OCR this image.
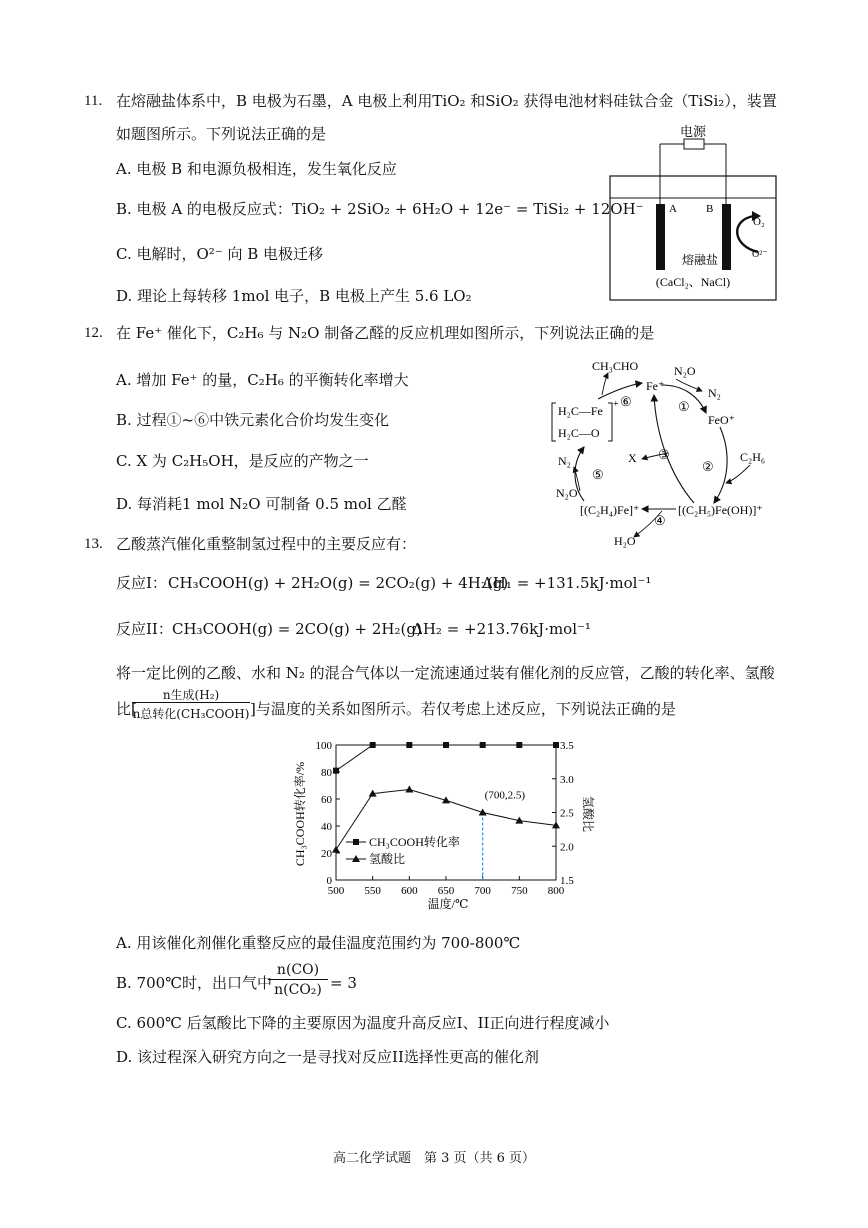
11. 在熔融盐体系中，B 电极为石墨，A 电极上利用TiO₂ 和SiO₂ 获得电池材料硅钛合金（TiSi₂），装置
如题图所示。下列说法正确的是
A. 电极 B 和电源负极相连，发生氧化反应
B. 电极 A 的电极反应式：TiO₂ + 2SiO₂ + 6H₂O + 12e⁻ = TiSi₂ + 12OH⁻
C. 电解时，O²⁻ 向 B 电极迁移
D. 理论上每转移 1mol 电子，B 电极上产生 5.6 LO₂
电源
A	B
O₂
O²⁻
熔融盐
(CaCl₂、NaCl)
12. 在 Fe⁺ 催化下，C₂H₆ 与 N₂O 制备乙醛的反应机理如图所示，下列说法正确的是
A. 增加 Fe⁺ 的量，C₂H₆ 的平衡转化率增大
B. 过程①~⑥中铁元素化合价均发生变化
C. X 为 C₂H₅OH，是反应的产物之一
D. 每消耗1 mol N₂O 可制备 0.5 mol 乙醛
CH₃CHO	N₂O
Fe⁺	N₂
①
FeO⁺
⑥
H₂C—Fe
H₂C—O
+
X ③
②
C₂H₆
N₂
⑤
N₂O
[(C₂H₄)Fe]⁺
④
[(C₂H₅)Fe(OH)]⁺
H₂O
13. 乙酸蒸汽催化重整制氢过程中的主要反应有：
反应I： CH₃COOH(g) + 2H₂O(g) = 2CO₂(g) + 4H₂(g)
ΔH₁ = +131.5kJ·mol⁻¹
反应II： CH₃COOH(g) = 2CO(g) + 2H₂(g)
ΔH₂ = +213.76kJ·mol⁻¹
将一定比例的乙酸、水和 N₂ 的混合气体以一定流速通过装有催化剂的反应管，乙酸的转化率、氢酸
比[
n生成(H₂)
n总转化(CH₃COOH) ]与温度的关系如图所示。若仅考虑上述反应，下列说法正确的是
CH₃COOH转化率/%	氢酸比
温度/℃
500 550 600 650 700 750 800
0
20
40
60
80
100
1.5
2.0
2.5
3.0
3.5
(700,2.5)
CH₃COOH转化率
氢酸比
A. 用该催化剂催化重整反应的最佳温度范围约为 700-800℃
B. 700℃时，出口气中
n(CO)
n(CO₂) = 3
C. 600℃ 后氢酸比下降的主要原因为温度升高反应I、II正向进行程度减小
D. 该过程深入研究方向之一是寻找对反应II选择性更高的催化剂
高二化学试题　第 3 页（共 6 页）
